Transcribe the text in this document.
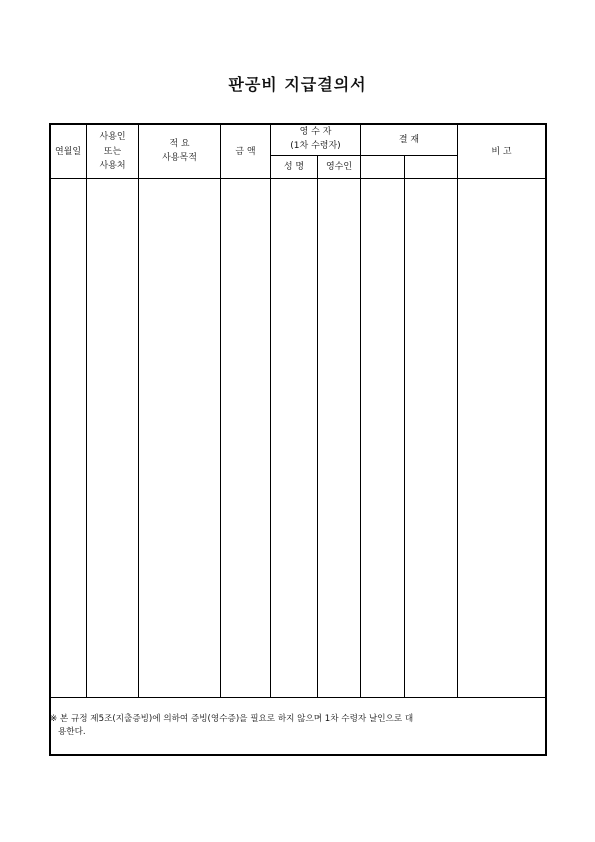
판공비 지급결의서
연월일
사용인
또는
사용처
적 요
사용목적
금 액
영 수 자
(1차 수령자)
성 명	영수인
결 재
비 고
※ 본 규정 제5조(지출증빙)에 의하여 증빙(영수증)을 필요로 하지 않으며 1차 수령자 날인으로 대
용한다.
